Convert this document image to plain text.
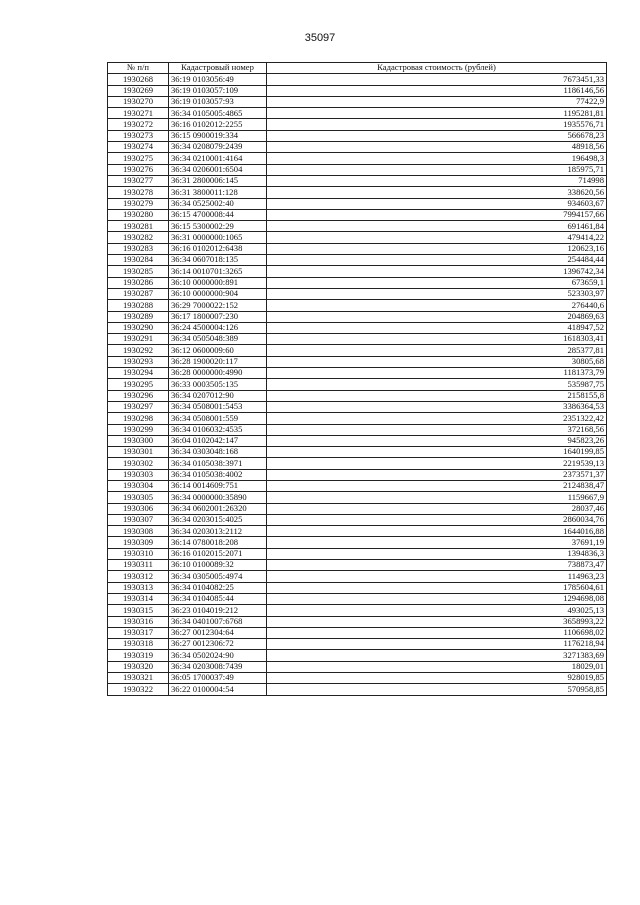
35097
№ п/п	Кадастровый номер	Кадастровая стоимость (рублей)
1930268	36:19 0103056:49	7673451,33
1930269	36:19 0103057:109	1186146,56
1930270	36:19 0103057:93	77422,9
1930271	36:34 0105005:4865	1195281,81
1930272	36:16 0102012:2255	1935576,71
1930273	36:15 0900019:334	566678,23
1930274	36:34 0208079:2439	48918,56
1930275	36:34 0210001:4164	196498,3
1930276	36:34 0206001:6504	185975,71
1930277	36:31 2800006:145	714998
1930278	36:31 3800011:128	338620,56
1930279	36:34 0525002:40	934603,67
1930280	36:15 4700008:44	7994157,66
1930281	36:15 5300002:29	691461,84
1930282	36:31 0000000:1065	479414,22
1930283	36:16 0102012:6438	120623,16
1930284	36:34 0607018:135	254484,44
1930285	36:14 0010701:3265	1396742,34
1930286	36:10 0000000:891	673659,1
1930287	36:10 0000000:904	523303,97
1930288	36:29 7000022:152	276440,6
1930289	36:17 1800007:230	204869,63
1930290	36:24 4500004:126	418947,52
1930291	36:34 0505048:389	1618303,41
1930292	36:12 0600009:60	285377,81
1930293	36:28 1900020:117	30805,68
1930294	36:28 0000000:4990	1181373,79
1930295	36:33 0003505:135	535987,75
1930296	36:34 0207012:90	2158155,8
1930297	36:34 0508001:5453	3386364,53
1930298	36:34 0508001:559	2351322,42
1930299	36:34 0106032:4535	372168,56
1930300	36:04 0102042:147	945823,26
1930301	36:34 0303048:168	1640199,85
1930302	36:34 0105038:3971	2219539,13
1930303	36:34 0105038:4002	2373571,37
1930304	36:14 0014609:751	2124838,47
1930305	36:34 0000000:35890	1159667,9
1930306	36:34 0602001:26320	28037,46
1930307	36:34 0203015:4025	2860034,76
1930308	36:34 0203013:2112	1644016,88
1930309	36:14 0780018:208	37691,19
1930310	36:16 0102015:2071	1394836,3
1930311	36:10 0100089:32	738873,47
1930312	36:34 0305005:4974	114963,23
1930313	36:34 0104082:25	1785604,61
1930314	36:34 0104085:44	1294698,08
1930315	36:23 0104019:212	493025,13
1930316	36:34 0401007:6768	3658993,22
1930317	36:27 0012304:64	1106698,02
1930318	36:27 0012306:72	1176218,94
1930319	36:34 0502024:90	3271383,69
1930320	36:34 0203008:7439	18029,01
1930321	36:05 1700037:49	928019,85
1930322	36:22 0100004:54	570958,85
